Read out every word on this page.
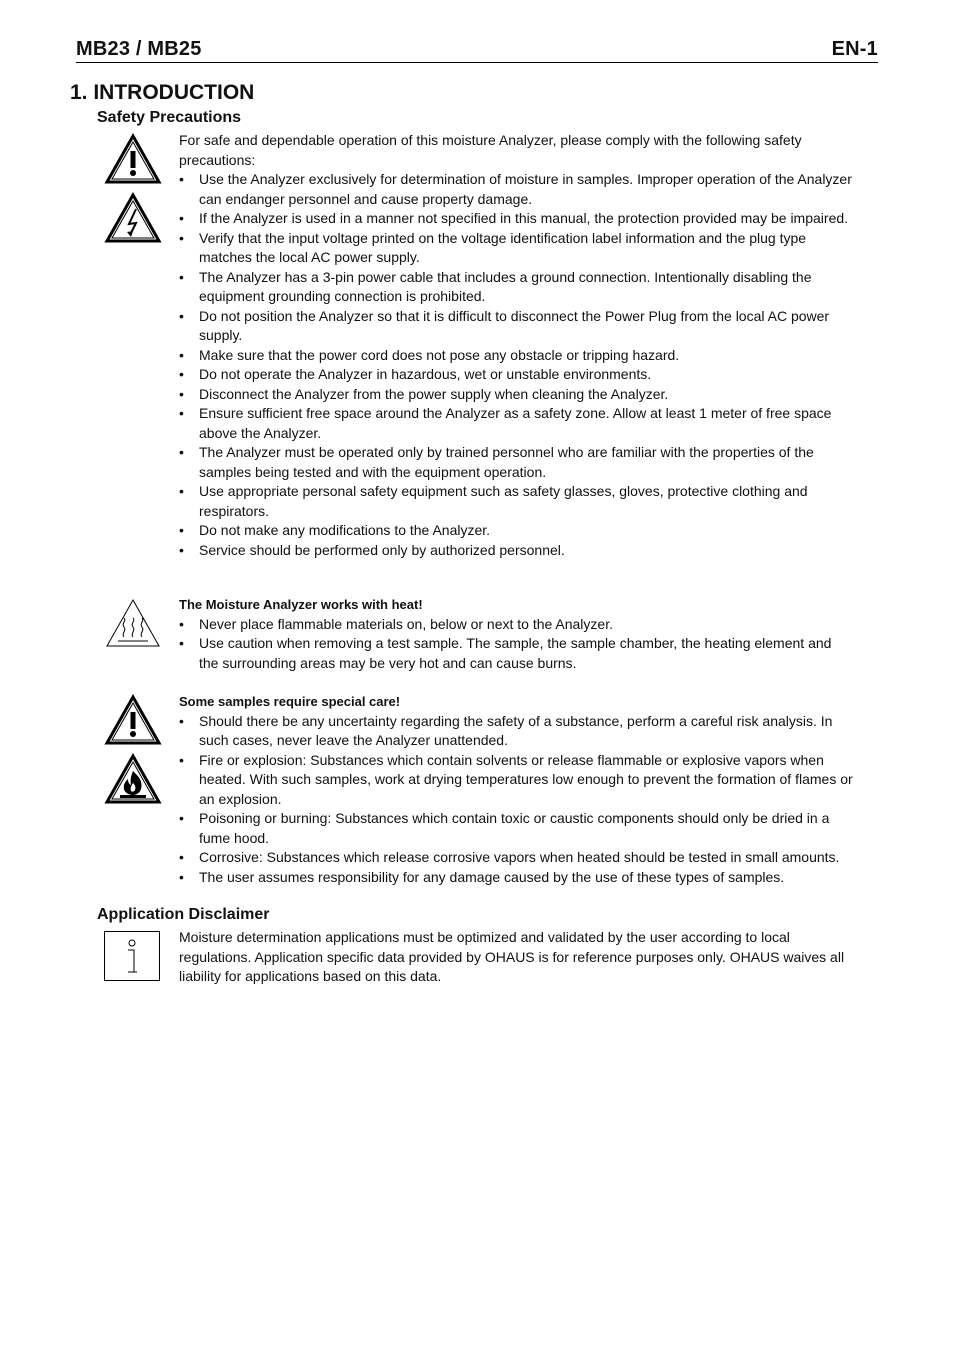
MB23 / MB25	EN-1
1. INTRODUCTION
Safety Precautions

For safe and dependable operation of this moisture Analyzer, please comply with the following safety precautions:

• Use the Analyzer exclusively for determination of moisture in samples. Improper operation of the Analyzer can endanger personnel and cause property damage.
• If the Analyzer is used in a manner not specified in this manual, the protection provided may be impaired.
• Verify that the input voltage printed on the voltage identification label information and the plug type matches the local AC power supply.
• The Analyzer has a 3-pin power cable that includes a ground connection. Intentionally disabling the equipment grounding connection is prohibited.
• Do not position the Analyzer so that it is difficult to disconnect the Power Plug from the local AC power supply.
• Make sure that the power cord does not pose any obstacle or tripping hazard.
• Do not operate the Analyzer in hazardous, wet or unstable environments.
• Disconnect the Analyzer from the power supply when cleaning the Analyzer.
• Ensure sufficient free space around the Analyzer as a safety zone. Allow at least 1 meter of free space above the Analyzer.
• The Analyzer must be operated only by trained personnel who are familiar with the properties of the samples being tested and with the equipment operation.
• Use appropriate personal safety equipment such as safety glasses, gloves, protective clothing and respirators.
• Do not make any modifications to the Analyzer.
• Service should be performed only by authorized personnel.

The Moisture Analyzer works with heat!

• Never place flammable materials on, below or next to the Analyzer.
• Use caution when removing a test sample. The sample, the sample chamber, the heating element and the surrounding areas may be very hot and can cause burns.

Some samples require special care!

• Should there be any uncertainty regarding the safety of a substance, perform a careful risk analysis. In such cases, never leave the Analyzer unattended.
• Fire or explosion: Substances which contain solvents or release flammable or explosive vapors when heated. With such samples, work at drying temperatures low enough to prevent the formation of flames or an explosion.
• Poisoning or burning: Substances which contain toxic or caustic components should only be dried in a fume hood.
• Corrosive: Substances which release corrosive vapors when heated should be tested in small amounts.
• The user assumes responsibility for any damage caused by the use of these types of samples.
Application Disclaimer

Moisture determination applications must be optimized and validated by the user according to local regulations. Application specific data provided by OHAUS is for reference purposes only. OHAUS waives all liability for applications based on this data.
